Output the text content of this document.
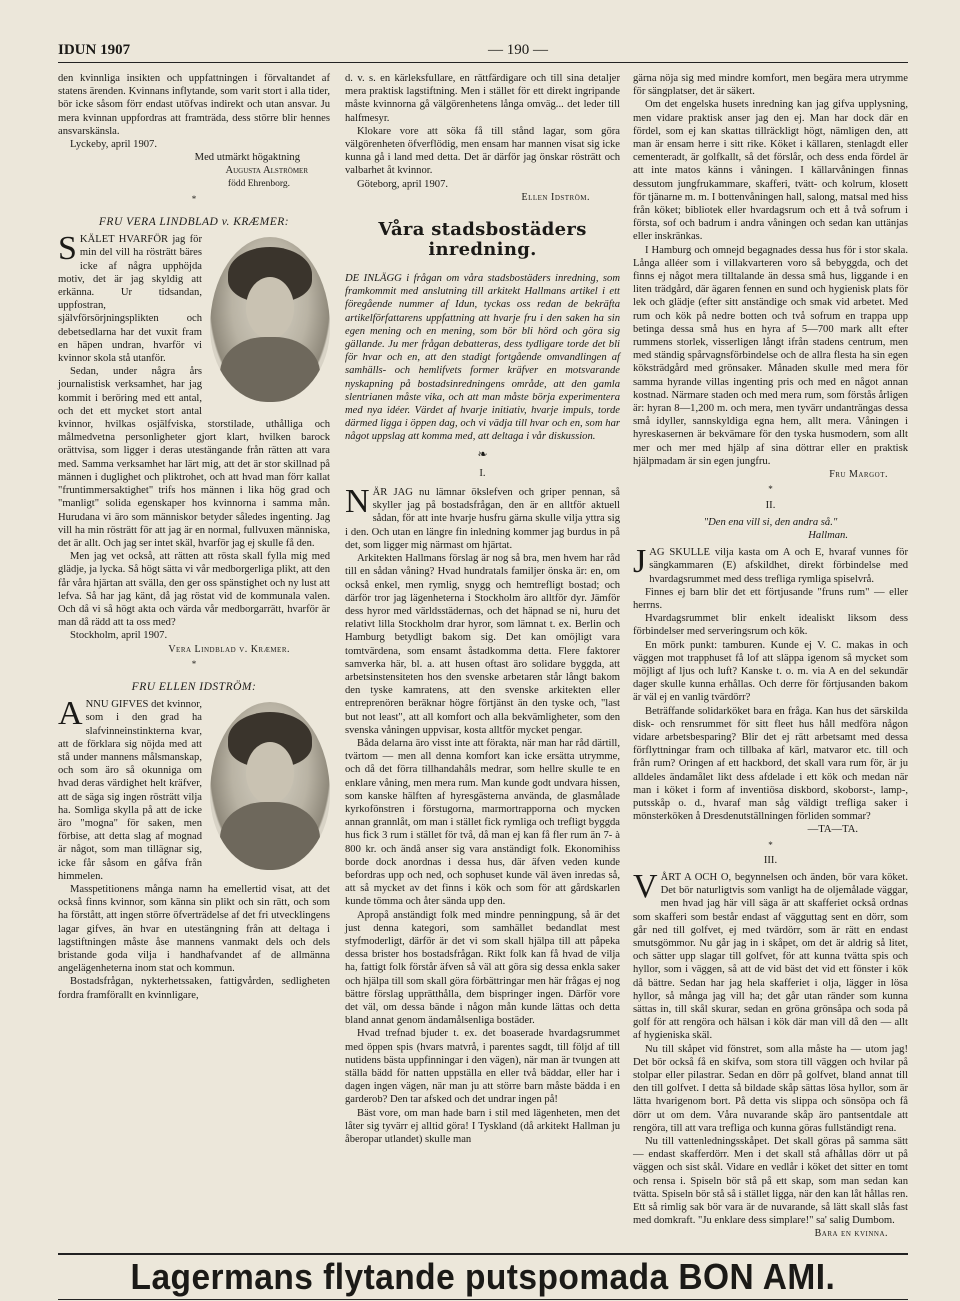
IDUN 1907	— 190 —

den kvinnliga insikten och uppfattningen i förvaltandet af statens ärenden. Kvinnans inflytande, som varit stort i alla tider, bör icke såsom förr endast utöfvas indirekt och utan ansvar. Ju mera kvinnan uppfordras att framträda, dess större blir hennes ansvarskänsla.

Lyckeby, april 1907.

Med utmärkt högaktning

Augusta Alströmer

född Ehrenborg.

*
FRU VERA LINDBLAD v. KRÆMER:

SKÄLET HVARFÖR jag för min del vill ha rösträtt bäres icke af några upphöjda motiv, det är jag skyldig att erkänna. Ur tidsandan, uppfostran, självförsörjningsplikten och debetsedlarna har det vuxit fram en häpen undran, hvarför vi kvinnor skola stå utanför.

Sedan, under några års journalistisk verksamhet, har jag kommit i beröring med ett antal, och det ett mycket stort antal kvinnor, hvilkas osjälfviska, storstilade, uthålliga och målmedvetna personligheter gjort klart, hvilken barock orättvisa, som ligger i deras utestängande från rätten att vara med. Samma verksamhet har lärt mig, att det är stor skillnad på männen i duglighet och pliktrohet, och att hvad man förr kallat "fruntimmersaktighet" trifs hos männen i lika hög grad och "manligt" solida egenskaper hos kvinnorna i samma mån. Hurudana vi äro som människor betyder således ingenting. Jag vill ha min rösträtt för att jag är en normal, fullvuxen människa, det är allt. Och jag ser intet skäl, hvarför jag ej skulle få den.

Men jag vet också, att rätten att rösta skall fylla mig med glädje, ja lycka. Så högt sätta vi vår medborgerliga plikt, att den får våra hjärtan att svälla, den ger oss spänstighet och ny lust att lefva. Så har jag känt, då jag röstat vid de kommunala valen. Och då vi så högt akta och värda vår medborgarrätt, hvarför är man då rädd att ta oss med?

Stockholm, april 1907.

Vera Lindblad v. Kræmer.

*
FRU ELLEN IDSTRÖM:

ANNU GIFVES det kvinnor, som i den grad ha slafvinneinstinkterna kvar, att de förklara sig nöjda med att stå under mannens målsmanskap, och som äro så okunniga om hvad deras värdighet helt kräfver, att de säga sig ingen rösträtt vilja ha. Somliga skylla på att de icke äro "mogna" för saken, men förbise, att detta slag af mognad är något, som man tillägnar sig, icke får såsom en gåfva från himmelen.

Masspetitionens många namn ha emellertid visat, att det också finns kvinnor, som känna sin plikt och sin rätt, och som ha förstått, att ingen större öfverträdelse af det fri utvecklingens lagar gifves, än hvar en utestängning från att deltaga i lagstiftningen måste åse mannens vanmakt dels och dels bristande goda vilja i handhafvandet af de allmänna angelägenheterna inom stat och kommun.

Bostadsfrågan, nykterhetssaken, fattigvården, sedligheten fordra framförallt en kvinnligare,

d. v. s. en kärleksfullare, en rättfärdigare och till sina detaljer mera praktisk lagstiftning. Men i stället för ett direkt ingripande måste kvinnorna gå välgörenhetens långa omväg... det leder till halfmesyr.

Klokare vore att söka få till stånd lagar, som göra välgörenheten öfverflödig, men ensam har mannen visat sig icke kunna gå i land med detta. Det är därför jag önskar rösträtt och valbarhet åt kvinnor.

Göteborg, april 1907.

Ellen Idström.

Våra stadsbostäders inredning.

DE INLÄGG i frågan om våra stadsbostäders inredning, som framkommit med anslutning till arkitekt Hallmans artikel i ett föregående nummer af Idun, tyckas oss redan de bekräfta artikelförfattarens uppfattning att hvarje fru i den saken ha sin egen mening och en mening, som bör bli hörd och göra sig gällande. Ju mer frågan debatteras, dess tydligare torde det bli för hvar och en, att den stadigt fortgående omvandlingen af samhälls- och hemlifvets former kräfver en motsvarande nyskapning på bostadsinredningens område, att den gamla slentrianen måste vika, och att man måste börja experimentera med nya idéer. Värdet af hvarje initiativ, hvarje impuls, torde därmed ligga i öppen dag, och vi vädja till hvar och en, som har något uppslag att komma med, att deltaga i vår diskussion.

❧
I.

NÄR JAG nu lämnar ökslefven och griper pennan, så skyller jag på bostadsfrågan, den är en alltför aktuell sådan, för att inte hvarje husfru gärna skulle vilja yttra sig i den. Och utan en längre fin inledning kommer jag burdus in på det, som ligger mig närmast om hjärtat.

Arkitekten Hallmans förslag är nog så bra, men hvem har råd till en sådan våning? Hvad hundratals familjer önska är: en, om också enkel, men rymlig, snygg och hemtrefligt bostad; och därför tror jag lägenheterna i Stockholm äro alltför dyr. Jämför dess hyror med världsstädernas, och det häpnad se ni, huru det relativt lilla Stockholm drar hyror, som lämnat t. ex. Berlin och Hamburg betydligt bakom sig. Det kan omöjligt vara tomtvärdena, som ensamt åstadkomma detta. Flere faktorer samverka här, bl. a. att husen oftast äro solidare byggda, att arbetsinstensiteten hos den svenske arbetaren står långt bakom den tyske kamratens, att den svenske arkitekten eller entreprenören beräknar högre förtjänst än den tyske och, "last but not least", att all komfort och alla bekvämligheter, som den svenska våningen uppvisar, kosta alltför mycket pengar.

Båda delarna äro visst inte att förakta, när man har råd därtill, tvärtom — men all denna komfort kan icke ersätta utrymme, och då det förra tillhandahåls medrar, som hellre skulle te en enklare våning, men mera rum. Man kunde godt undvara hissen, som kanske hälften af hyresgästerna använda, de glasmålade kyrkofönstren i förstugorna, marmortrapporna och mycken annan grannlåt, om man i stället fick rymliga och trefligt byggda hus fick 3 rum i stället för två, då man ej kan få fler rum än 7- à 800 kr. och ändå anser sig vara anständigt folk. Ekonomihiss borde dock anordnas i dessa hus, där äfven veden kunde befordras upp och ned, och sophuset kunde väl även inredas så, att så mycket av det finns i kök och som för att gårdskarlen kunde tömma och åter sända upp den.

Apropå anständigt folk med mindre penningpung, så är det just denna kategori, som samhället bedandlat mest styfmoderligt, därför är det vi som skall hjälpa till att påpeka dessa brister hos bostadsfrågan. Rikt folk kan få hvad de vilja ha, fattigt folk förstår äfven så väl att göra sig dessa enkla saker och hjälpa till som skall göra förbättringar men här frågas ej nog bättre förslag upprätthålla, dem bispringer ingen. Därför vore det väl, om dessa bände i någon mån kunde lättas och detta bland annat genom ändamålsenliga bostäder.

Hvad trefnad bjuder t. ex. det boaserade hvardagsrummet med öppen spis (hvars matvrå, i parentes sagdt, till följd af till nutidens bästa uppfinningar i den vägen), när man är tvungen att ställa bädd för natten uppställa en eller två bäddar, eller har i dagen ingen vägen, när man ju att större barn måste bädda i en garderob? Den tar afsked och det undrar ingen på!

Bäst vore, om man hade barn i stil med lägenheten, men det låter sig tyvärr ej alltid göra! I Tyskland (då arkitekt Hallman ju åberopar utlandet) skulle man

gärna nöja sig med mindre komfort, men begära mera utrymme för sängplatser, det är säkert.

Om det engelska husets inredning kan jag gifva upplysning, men vidare praktisk anser jag den ej. Man har dock där en fördel, som ej kan skattas tillräckligt högt, nämligen den, att man är ensam herre i sitt rike. Köket i källaren, stenlagdt eller cementeradt, är golfkallt, så det förslår, och dess enda fördel är att inte matos känns i våningen. I källarvåningen finnas dessutom jungfrukammare, skafferi, tvätt- och kolrum, klosett för tjänarne m. m. I bottenvåningen hall, salong, matsal med hiss från köket; bibliotek eller hvardagsrum och ett å två sofrum i första, sof och badrum i andra våningen och sedan kan uttänjas eller inskränkas.

I Hamburg och omnejd begagnades dessa hus för i stor skala. Långa alléer som i villakvarteren voro så bebyggda, och det finns ej något mera tilltalande än dessa små hus, liggande i en liten trädgård, där ägaren fennen en sund och hygienisk plats för lek och glädje (efter sitt anständige och smak vid arbetet. Med rum och kök på nedre botten och två sofrum en trappa upp betinga dessa små hus en hyra af 5—700 mark allt efter rummens storlek, visserligen långt ifrån stadens centrum, men med ständig spårvagnsförbindelse och de allra flesta ha sin egen köksträdgård med grönsaker. Månaden skulle med mera för samma hyrande villas ingenting pris och med en något annan kostnad. Närmare staden och med mera rum, som förstås årligen är: hyran 8—1,200 m. och mera, men tyvärr undanträngas dessa små idyller, sannskyldiga egna hem, allt mera. Våningen i hyreskasernen är bekvämare för den tyska husmodern, som allt mer och mer med hjälp af sina döttrar eller en praktisk hjälpmadam är sin egen jungfru.

Fru Margot.

*
II.

"Den ena vill si, den andra så."

Hallman.

JAG SKULLE vilja kasta om A och E, hvaraf vunnes för sängkammaren (E) afskildhet, direkt förbindelse med hvardagsrummet med dess trefliga rymliga spiselvrå.

Finnes ej barn blir det ett förtjusande "fruns rum" — eller herrns.

Hvardagsrummet blir enkelt idealiskt liksom dess förbindelser med serveringsrum och kök.

En mörk punkt: tamburen. Kunde ej V. C. makas in och väggen mot trapphuset få lof att släppa igenom så mycket som möjligt af ljus och luft? Kanske t. o. m. via A en del sekundär dager skulle kunna erhållas. Och derre för förtjusanden bakom är väl ej en vanlig tvärdörr?

Beträffande solidarköket bara en fråga. Kan hus det särskilda disk- och rensrummet för sitt fleet hus håll medföra någon vidare arbetsbesparing? Blir det ej rätt arbetsamt med dessa förflyttningar fram och tillbaka af kärl, matvaror etc. till och från rum? Oringen af ett hackbord, det skall vara rum för, är ju alldeles ändamålet likt dess afdelade i ett kök och medan när man i köket i form af inventiösa diskbord, skoborst-, lamp-, putsskåp o. d., hvaraf man såg väldigt trefliga saker i mönsterköken å Dresdenutställningen förliden sommar?

—TA—TA.

*
III.

VÅRT A OCH O, begynnelsen och änden, bör vara köket. Det bör naturligtvis som vanligt ha de oljemålade väggar, men hvad jag här vill säga är att skafferiet också ordnas som skafferi som består endast af vägguttag sent en dörr, som går ned till golfvet, ej med tvärdörr, som är rätt en endast smutsgömmor. Nu går jag in i skåpet, om det är aldrig så litet, och sätter upp slagar till golfvet, för att kunna tvätta spis och hyllor, som i väggen, så att de vid bäst det vid ett fönster i kök då bättre. Sedan har jag hela skafferiet i olja, lägger in lösa hyllor, så många jag vill ha; det går utan ränder som kunna sättas in, till skål skurar, sedan en gröna grönsåpa och soda på golf för att rengöra och hälsan i kök där man vill då den — allt af hygieniska skäl.

Nu till skåpet vid fönstret, som alla måste ha — utom jag! Det bör också få en skifva, som stora till väggen och hvilar på stolpar eller pilastrar. Sedan en dörr på golfvet, bland annat till den till golfvet. I detta så bildade skåp sättas lösa hyllor, som är lätta hvarigenom bort. På detta vis slippa och sönsöpa och få dörr ut om dem. Våra nuvarande skåp äro pantsentdale att rengöra, till att vara trefliga och kunna göras fullständigt rena.

Nu till vattenledningsskåpet. Det skall göras på samma sätt — endast skafferdörr. Men i det skall stå afhållas dörr ut på väggen och sist skål. Vidare en vedlår i köket det sitter en tomt och rensa i. Spiseln bör stå på ett skap, som man sedan kan tvätta. Spiseln bör stå så i stället ligga, när den kan låt hållas ren. Ett så rimlig sak bör vara är de nuvarande, så lätt skall slås fast med domkraft. "Ju enklare dess simplare!" sa' salig Dumbom.

Bara en kvinna.

Lagermans flytande putspomada BON AMI.
